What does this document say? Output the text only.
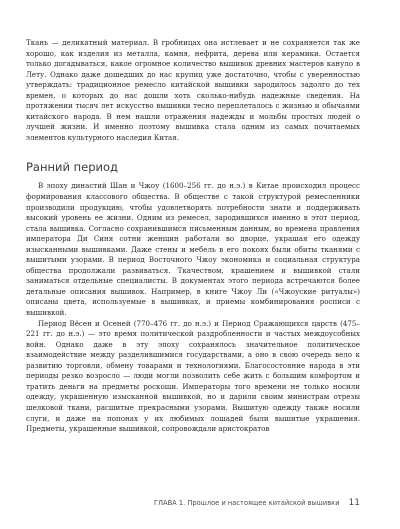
Ткань — деликатный материал. В гробницах она истлевает и не сохраняется так же хорошо, как изделия из металла, камня, нефрита, дерева или керамики. Остается только догадываться, какое огромное количество вышивок древних мастеров кануло в Лету. Однако даже дошедших до нас крупиц уже достаточно, чтобы с уверенностью утверждать: традиционное ремесло китайской вышивки зародилось задолго до тех времен, о которых до нас дошли хоть сколько-нибудь надежные сведения. На протяжении тысяч лет искусство вышивки тесно переплеталось с жизнью и обычаями китайского народа. В нем нашли отражения надежды и мольбы простых людей о лучшей жизни. И именно поэтому вышивка стала одним из самых почитаемых элементов культурного наследия Китая.

Ранний период

В эпоху династий Шан и Чжоу (1600–256 гг. до н.э.) в Китае происходил процесс формирования классового общества. В обществе с такой структурой ремесленники производили продукцию, чтобы удовлетворять потребности знати и поддерживать высокий уровень ее жизни. Одним из ремесел, зародившихся именно в этот период, стала вышивка. Согласно сохранившимся письменным данным, во времена правления императора Ди Синя сотни женщин работали во дворце, украшая его одежду изысканными вышивками. Даже стены и мебель в его покоях были обиты тканями с вышитыми узорами. В период Восточного Чжоу экономика и социальная структура общества продолжали развиваться. Ткачеством, крашением и вышивкой стали заниматься отдельные специалисты. В документах этого периода встречаются более детальные описания вышивок. Например, в книге Чжоу Ли («Чжоуские ритуалы») описаны цвета, используемые в вышивках, и приемы комбинирования росписи с вышивкой.

Период Вёсен и Осеней (770–476 гг. до н.э.) и Период Сражающихся царств (475–221 гг. до н.э.) — это время политической раздробленности и частых междоусобных войн. Однако даже в эту эпоху сохранялось значительное политическое взаимодействие между разделившимися государствами, а оно в свою очередь вело к развитию торговли, обмену товарами и технологиями. Благосостояние народа в эти периоды резко возросло — люди могли позволить себе жить с большим комфортом и тратить деньги на предметы роскоши. Императоры того времени не только носили одежду, украшенную изысканной вышивкой, но и дарили своим министрам отрезы шелковой ткани, расшитые прекрасными узорами. Вышитую одежду также носили слуги, и даже на попонах у их любимых лошадей были вышитые украшения. Предметы, украшенные вышивкой, сопровождали аристократов

ГЛАВА 1. Прошлое и настоящее китайской вышивки 11
